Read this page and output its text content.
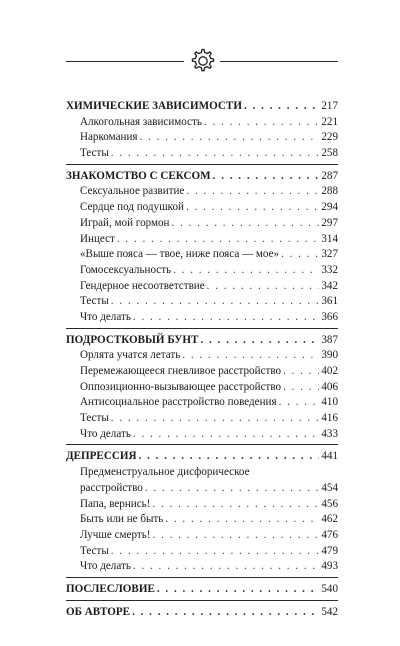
ХИМИЧЕСКИЕ ЗАВИСИМОСТИ . . .	217
Алкогольная зависимость . . .	221
Наркомания . . .	229
Тесты . . .	258
ЗНАКОМСТВО С СЕКСОМ . . .	287
Сексуальное развитие . . .	288
Сердце под подушкой . . .	294
Играй, мой гормон . . .	297
Инцест . . .	314
«Выше пояса — твое, ниже пояса — мое» . . .	327
Гомосексуальность . . .	332
Гендерное несоответствие . . .	342
Тесты . . .	361
Что делать . . .	366
ПОДРОСТКОВЫЙ БУНТ . . .	387
Орлята учатся летать . . .	390
Перемежающееся гневливое расстройство . . .	402
Оппозиционно-вызывающее расстройство . . .	406
Антисоциальное расстройство поведения . . .	410
Тесты . . .	416
Что делать . . .	433
ДЕПРЕССИЯ . . .	441
Предменструальное дисфорическое
расстройство . . .	454
Папа, вернись! . . .	456
Быть или не быть . . .	462
Лучше смерть! . . .	476
Тесты . . .	479
Что делать . . .	493
ПОСЛЕСЛОВИЕ . . .	540
ОБ АВТОРЕ . . .	542
